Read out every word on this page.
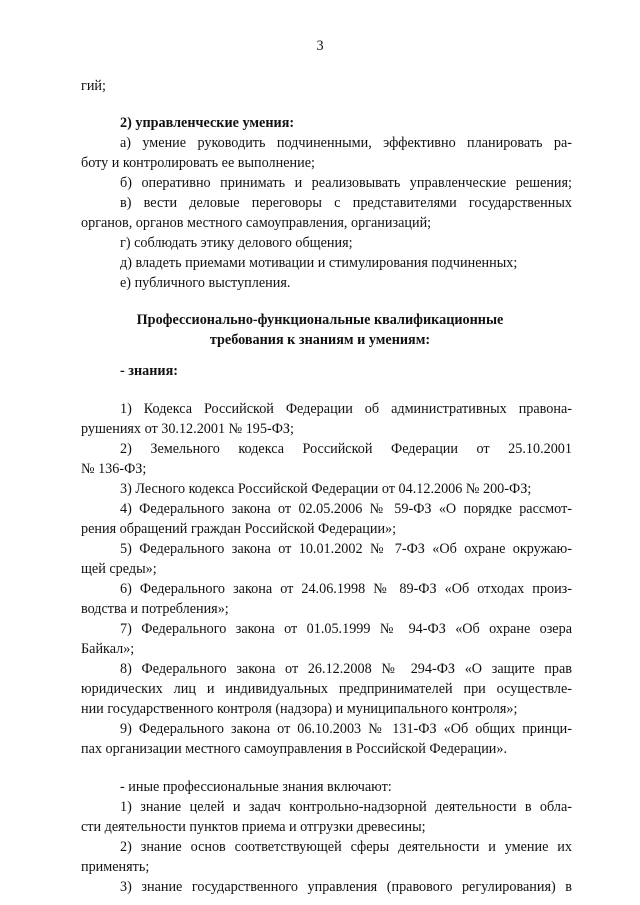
3
гий;
2) управленческие умения:
а) умение руководить подчиненными, эффективно планировать ра-
боту и контролировать ее выполнение;
б) оперативно принимать и реализовывать управленческие решения;
в) вести деловые переговоры с представителями государственных
органов, органов местного самоуправления, организаций;
г) соблюдать этику делового общения;
д) владеть приемами мотивации и стимулирования подчиненных;
е) публичного выступления.
Профессионально-функциональные квалификационные
требования к знаниям и умениям:
- знания:
1) Кодекса Российской Федерации об административных правона-
рушениях от 30.12.2001 № 195-ФЗ;
2) Земельного кодекса Российской Федерации от 25.10.2001
№ 136-ФЗ;
3) Лесного кодекса Российской Федерации от 04.12.2006 № 200-ФЗ;
4) Федерального закона от 02.05.2006 № 59-ФЗ «О порядке рассмот-
рения обращений граждан Российской Федерации»;
5) Федерального закона от 10.01.2002 № 7-ФЗ «Об охране окружаю-
щей среды»;
6) Федерального закона от 24.06.1998 № 89-ФЗ «Об отходах произ-
водства и потребления»;
7) Федерального закона от 01.05.1999 № 94-ФЗ «Об охране озера
Байкал»;
8) Федерального закона от 26.12.2008 № 294-ФЗ «О защите прав
юридических лиц и индивидуальных предпринимателей при осуществле-
нии государственного контроля (надзора) и муниципального контроля»;
9) Федерального закона от 06.10.2003 № 131-ФЗ «Об общих принци-
пах организации местного самоуправления в Российской Федерации».
- иные профессиональные знания включают:
1) знание целей и задач контрольно-надзорной деятельности в обла-
сти деятельности пунктов приема и отгрузки древесины;
2) знание основ соответствующей сферы деятельности и умение их
применять;
3) знание государственного управления (правового регулирования) в
